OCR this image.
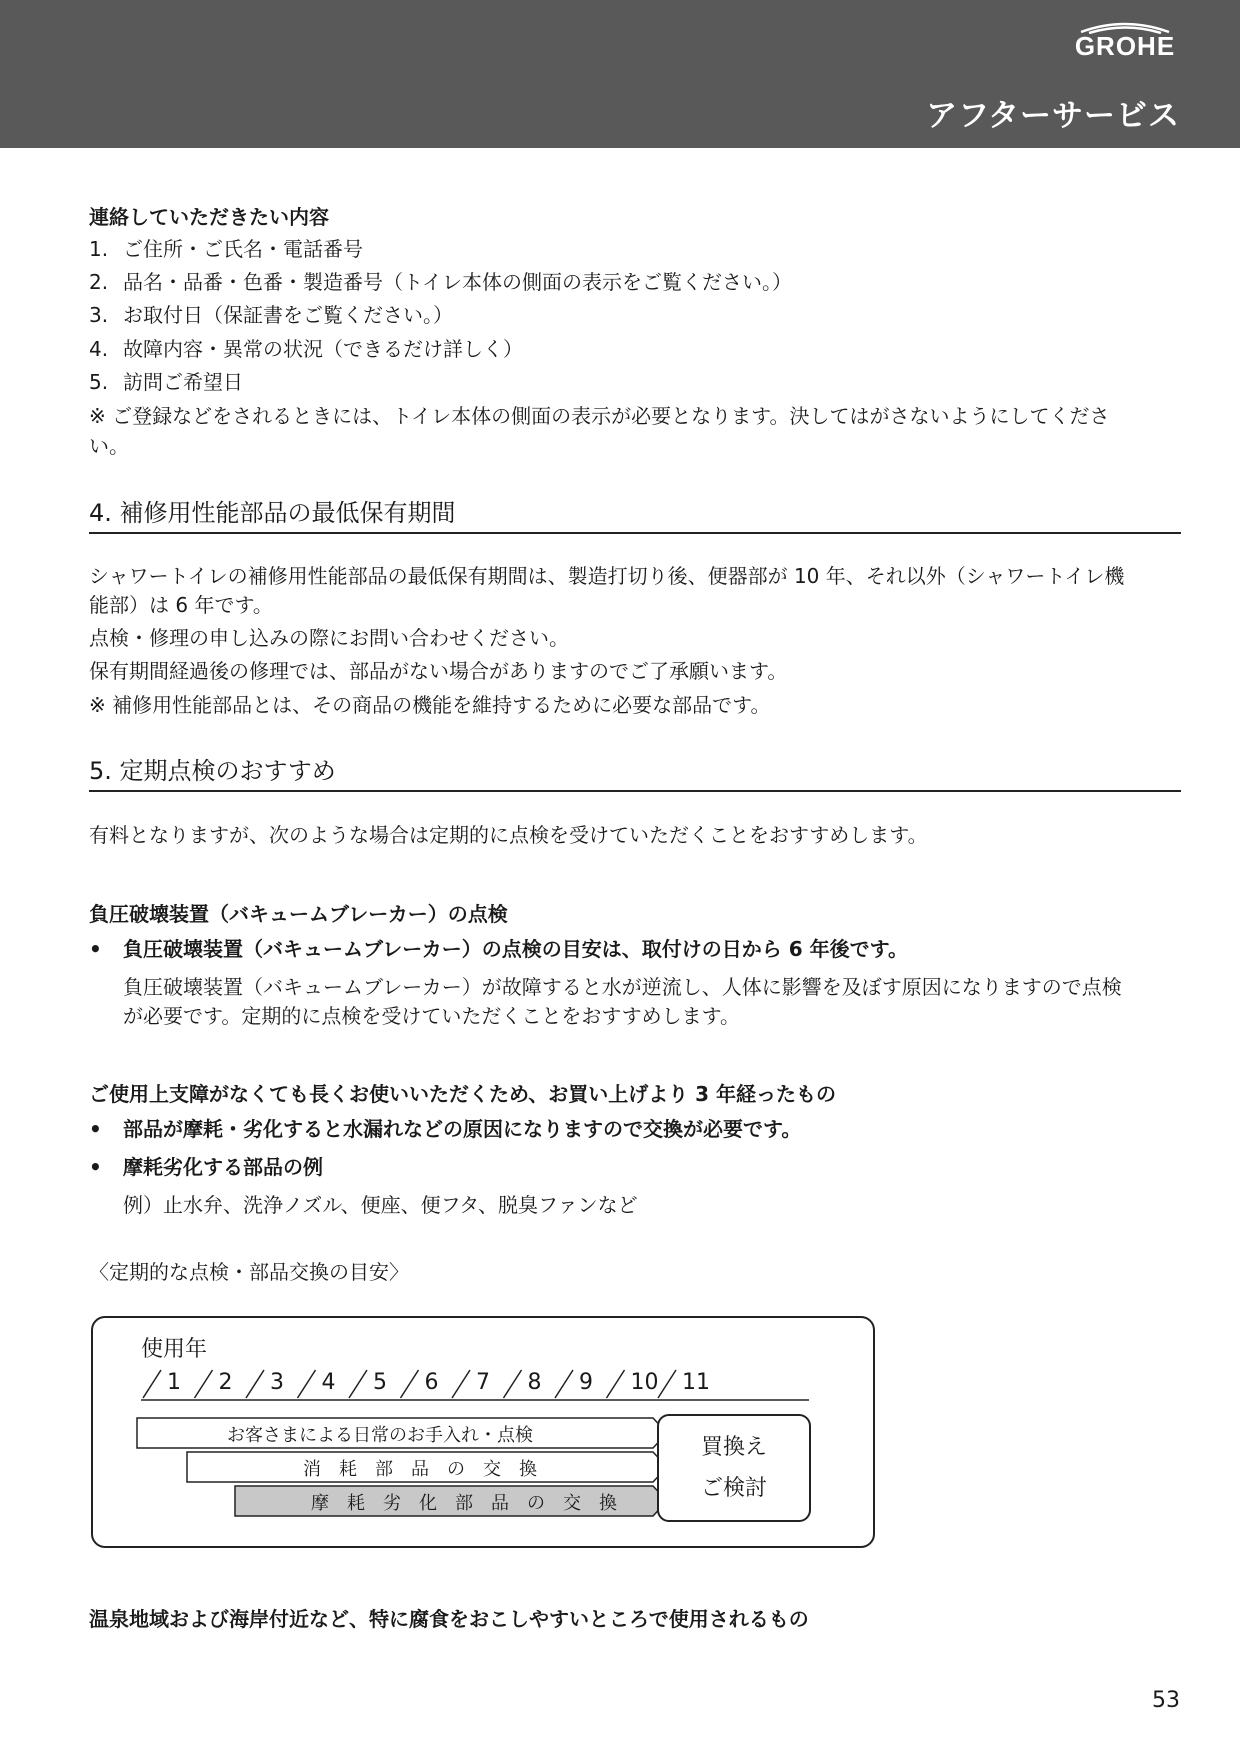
GROHE
アフターサービス
連絡していただきたい内容
1. ご住所・ご氏名・電話番号
2. 品名・品番・色番・製造番号（トイレ本体の側面の表示をご覧ください。）
3. お取付日（保証書をご覧ください。）
4. 故障内容・異常の状況（できるだけ詳しく）
5. 訪問ご希望日
※ ご登録などをされるときには、トイレ本体の側面の表示が必要となります。決してはがさないようにしてくださ
い。
4. 補修用性能部品の最低保有期間
シャワートイレの補修用性能部品の最低保有期間は、製造打切り後、便器部が 10 年、それ以外（シャワートイレ機
能部）は 6 年です。
点検・修理の申し込みの際にお問い合わせください。
保有期間経過後の修理では、部品がない場合がありますのでご了承願います。
※ 補修用性能部品とは、その商品の機能を維持するために必要な部品です。
5. 定期点検のおすすめ
有料となりますが、次のような場合は定期的に点検を受けていただくことをおすすめします。
負圧破壊装置（バキュームブレーカー）の点検
• 負圧破壊装置（バキュームブレーカー）の点検の目安は、取付けの日から 6 年後です。
負圧破壊装置（バキュームブレーカー）が故障すると水が逆流し、人体に影響を及ぼす原因になりますので点検
が必要です。定期的に点検を受けていただくことをおすすめします。
ご使用上支障がなくても長くお使いいただくため、お買い上げより 3 年経ったもの
• 部品が摩耗・劣化すると水漏れなどの原因になりますので交換が必要です。
• 摩耗劣化する部品の例
例）止水弁、洗浄ノズル、便座、便フタ、脱臭ファンなど
〈定期的な点検・部品交換の目安〉
使用年
1 2 3 4 5 6 7 8 9 10 11
お客さまによる日常のお手入れ・点検
消　耗　部　品　の　交　換
摩　耗　劣　化　部　品　の　交　換
買換え
ご検討
温泉地域および海岸付近など、特に腐食をおこしやすいところで使用されるもの
53
